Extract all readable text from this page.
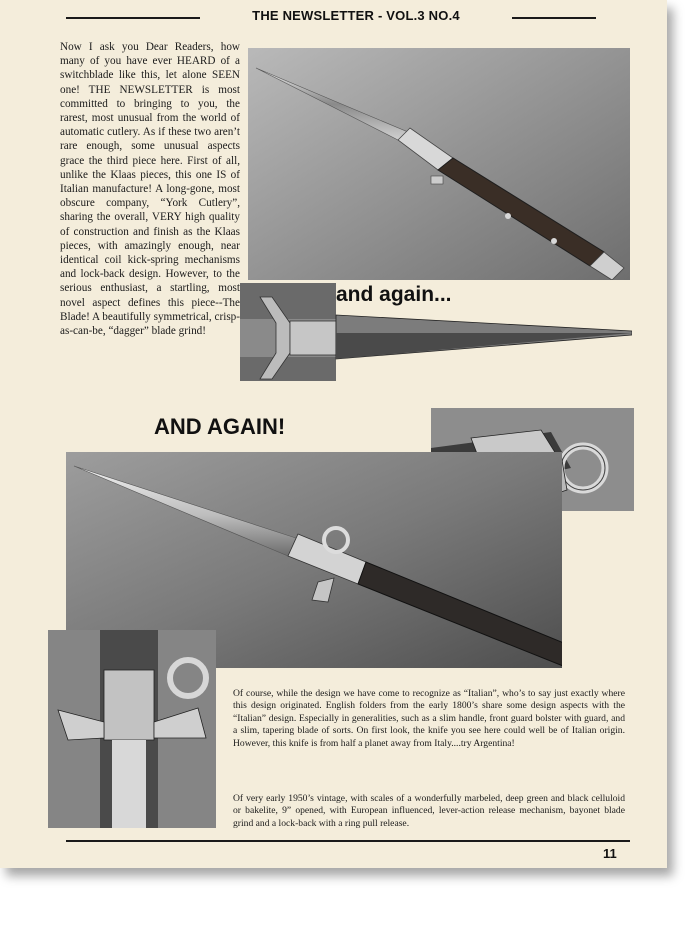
THE NEWSLETTER - VOL.3 NO.4
Now I ask you Dear Readers, how many of you have ever HEARD of a switchblade like this, let alone SEEN one! THE NEWSLETTER is most committed to bringing to you, the rarest, most unusual from the world of automatic cutlery. As if these two aren’t rare enough, some unusual aspects grace the third piece here. First of all, unlike the Klaas pieces, this one IS of Italian manufacture! A long-gone, most obscure company, “York Cutlery”, sharing the overall, VERY high quality of construction and finish as the Klaas pieces, with amazingly enough, near identical coil kick-spring mechanisms and lock-back design. However, to the serious enthusiast, a startling, most novel aspect defines this piece--The Blade! A beautifully symmetrical, crisp-as-can-be, “dagger” blade grind!
and again...
AND AGAIN!
Of course, while the design we have come to recognize as “Italian”, who’s to say just exactly where this design originated. English folders from the early 1800’s share some design aspects with the “Italian” design. Especially in generalities, such as a slim handle, front guard bolster with guard, and a slim, tapering blade of sorts. On first look, the knife you see here could well be of Italian origin. However, this knife is from half a planet away from Italy....try Argentina!
Of very early 1950’s vintage, with scales of a wonderfully marbeled, deep green and black celluloid or bakelite, 9” opened, with European influenced, lever-action release mechanism, bayonet blade grind and a lock-back with a ring pull release.
11
